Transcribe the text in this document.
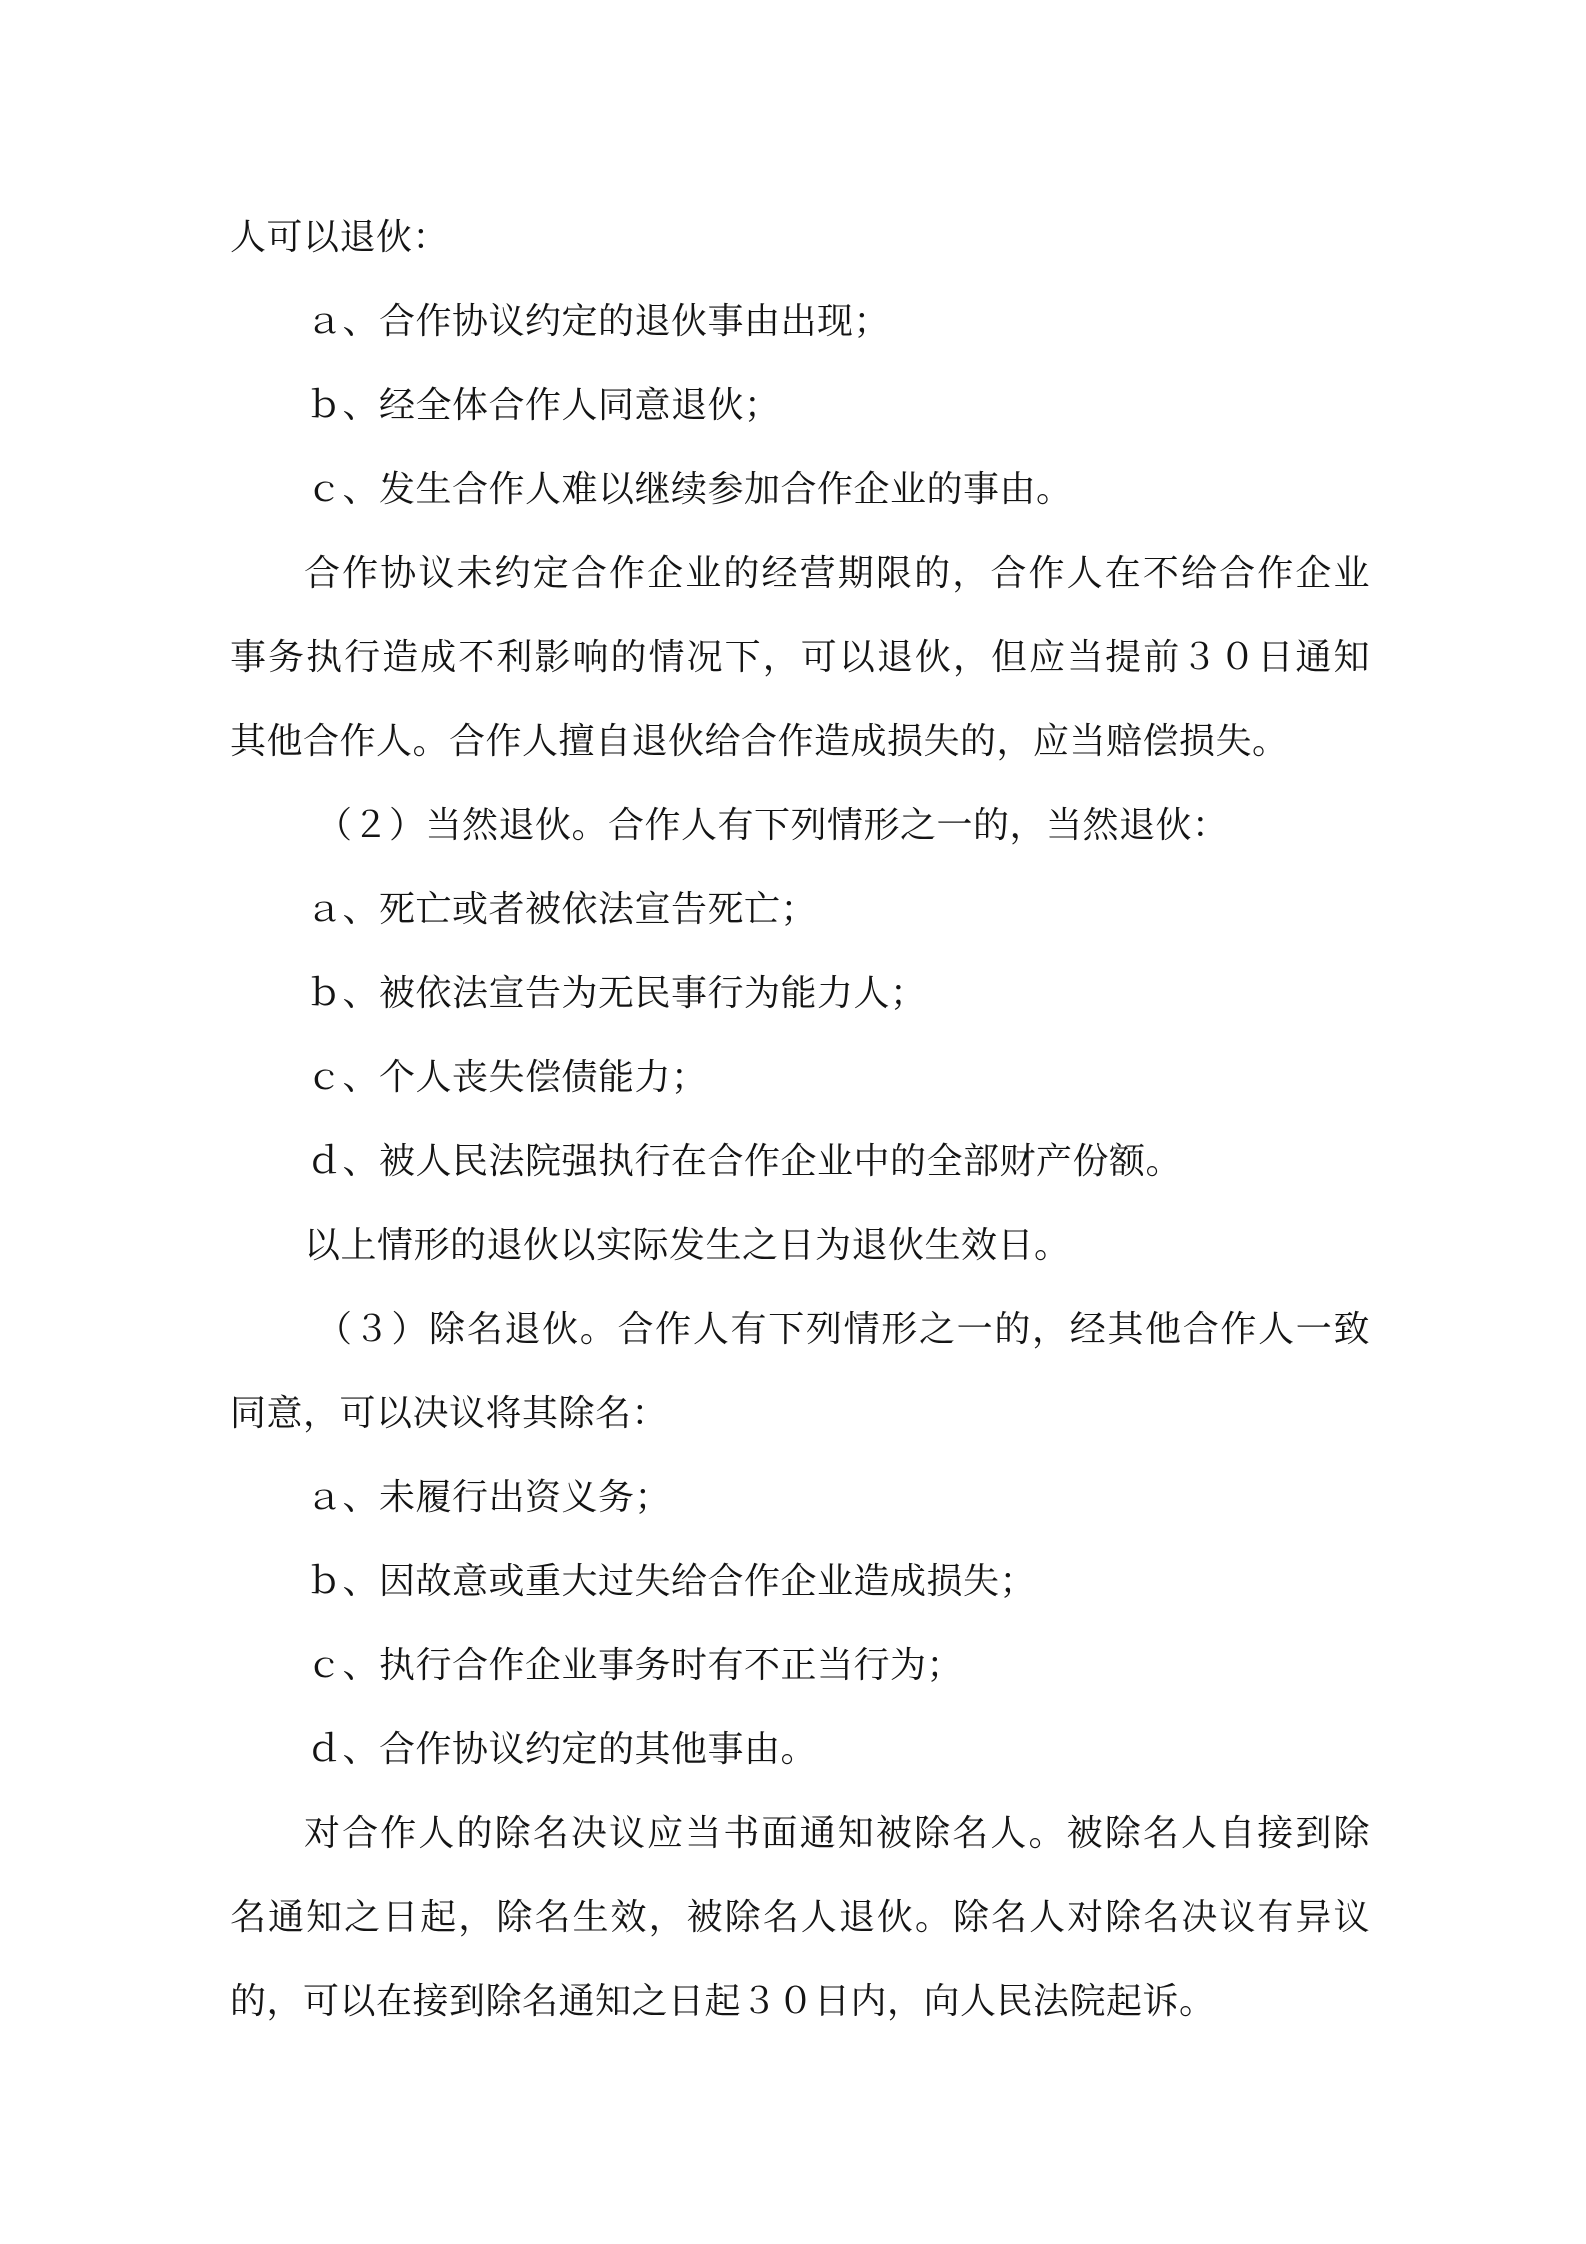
人可以退伙：
ａ、合作协议约定的退伙事由出现；
ｂ、经全体合作人同意退伙；
ｃ、发生合作人难以继续参加合作企业的事由。
合作协议未约定合作企业的经营期限的，合作人在不给合作企业
事务执行造成不利影响的情况下，可以退伙，但应当提前３０日通知
其他合作人。合作人擅自退伙给合作造成损失的，应当赔偿损失。
（２）当然退伙。合作人有下列情形之一的，当然退伙：
ａ、死亡或者被依法宣告死亡；
ｂ、被依法宣告为无民事行为能力人；
ｃ、个人丧失偿债能力；
ｄ、被人民法院强执行在合作企业中的全部财产份额。
以上情形的退伙以实际发生之日为退伙生效日。
（３）除名退伙。合作人有下列情形之一的，经其他合作人一致
同意，可以决议将其除名：
ａ、未履行出资义务；
ｂ、因故意或重大过失给合作企业造成损失；
ｃ、执行合作企业事务时有不正当行为；
ｄ、合作协议约定的其他事由。
对合作人的除名决议应当书面通知被除名人。被除名人自接到除
名通知之日起，除名生效，被除名人退伙。除名人对除名决议有异议
的，可以在接到除名通知之日起３０日内，向人民法院起诉。
